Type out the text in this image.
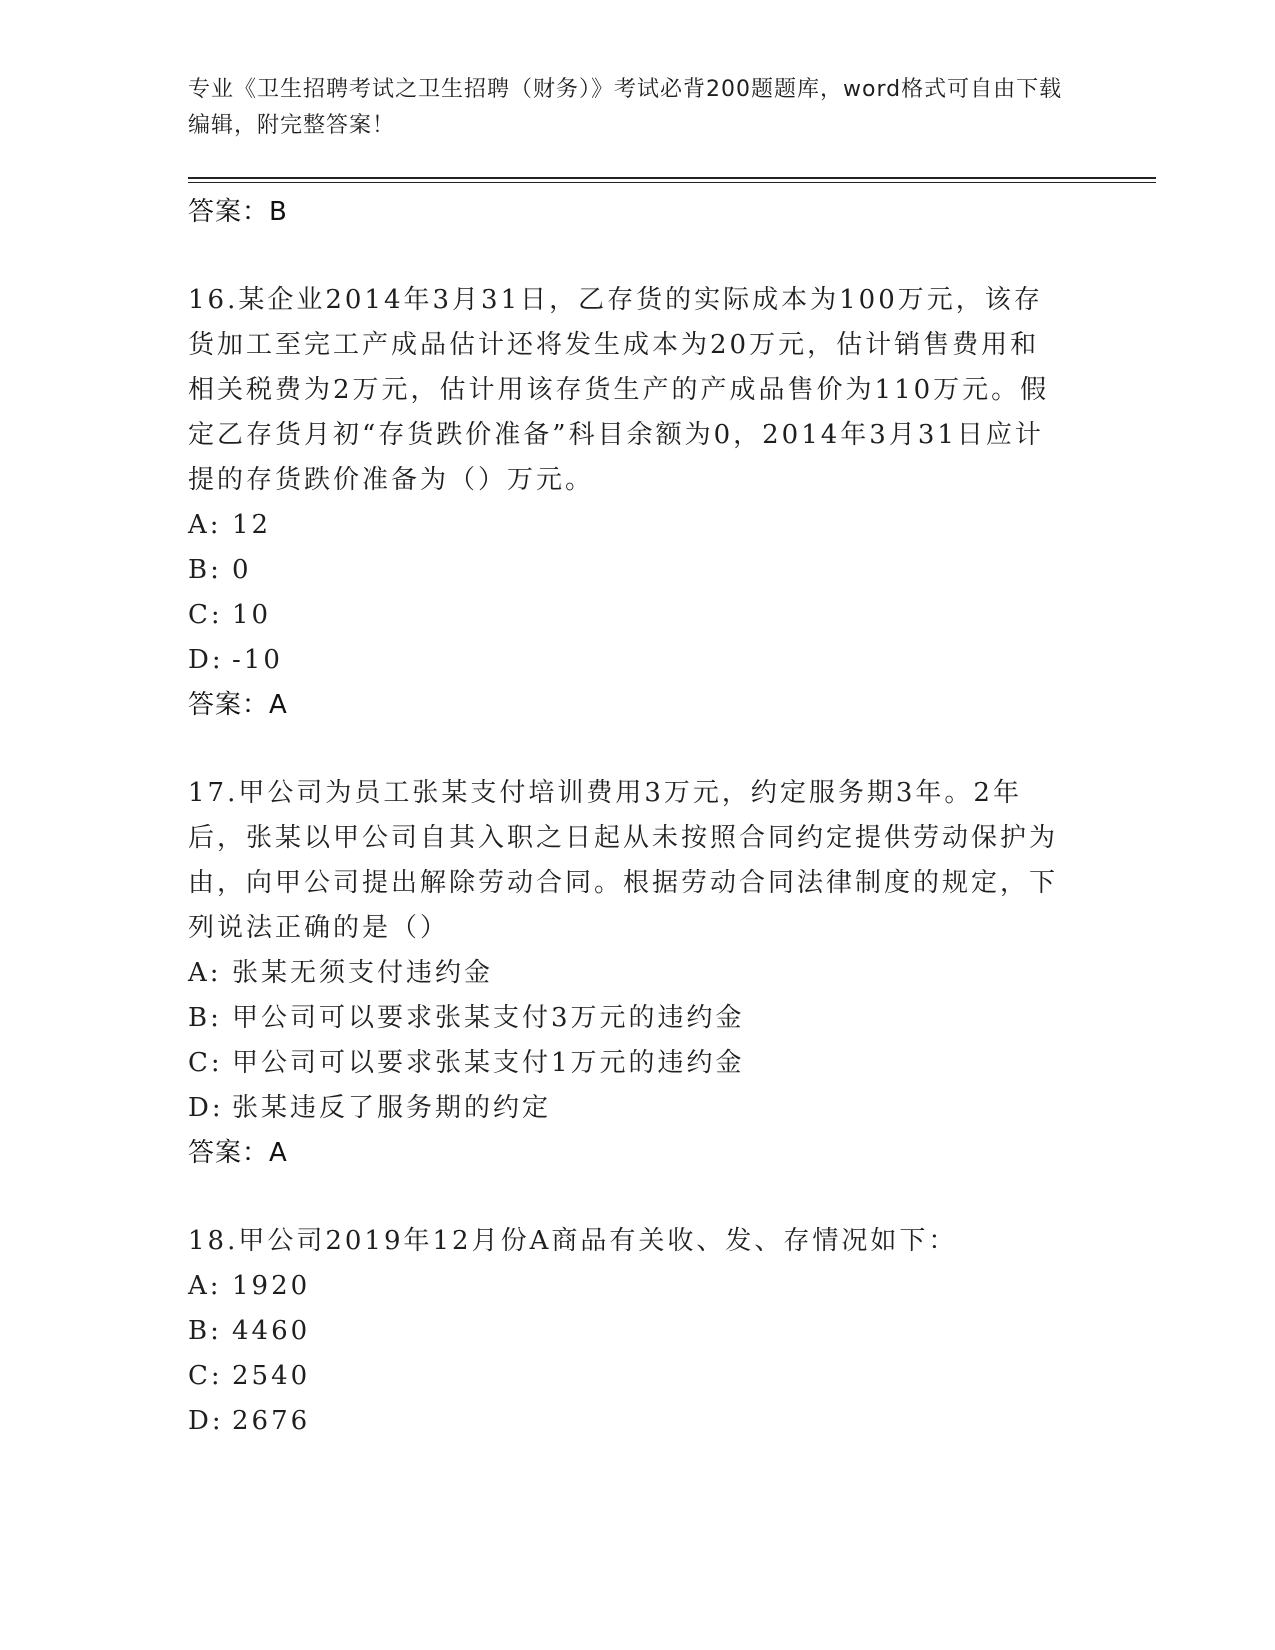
专业《卫生招聘考试之卫生招聘（财务）》考试必背200题题库，word格式可自由下载编辑，附完整答案！
答案：B

16.某企业2014年3月31日，乙存货的实际成本为100万元，该存货加工至完工产成品估计还将发生成本为20万元，估计销售费用和相关税费为2万元，估计用该存货生产的产成品售价为110万元。假定乙存货月初“存货跌价准备”科目余额为0，2014年3月31日应计提的存货跌价准备为（）万元。

A: 12
B: 0
C: 10
D: -10
答案：A

17.甲公司为员工张某支付培训费用3万元，约定服务期3年。2年后，张某以甲公司自其入职之日起从未按照合同约定提供劳动保护为由，向甲公司提出解除劳动合同。根据劳动合同法律制度的规定，下列说法正确的是（）

A: 张某无须支付违约金
B: 甲公司可以要求张某支付3万元的违约金
C: 甲公司可以要求张某支付1万元的违约金
D: 张某违反了服务期的约定
答案：A

18.甲公司2019年12月份A商品有关收、发、存情况如下：

A: 1920
B: 4460
C: 2540
D: 2676
